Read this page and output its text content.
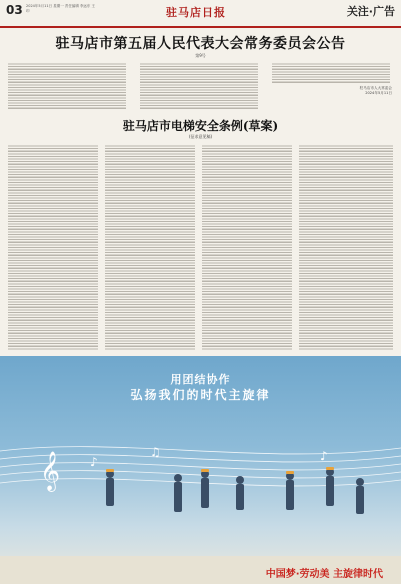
03 2024年5月11日 星期一 责任编辑 李远东 王印	驻马店日报	关注·广告
驻马店市第五届人民代表大会常务委员会公告
第9号
驻马店市人大常委会
2024年5月11日
驻马店市电梯安全条例(草案)
(征求意见稿)
用团结协作
弘扬我们的时代主旋律
𝄞 ♪
♫	♪
中国梦·劳动美 主旋律时代
